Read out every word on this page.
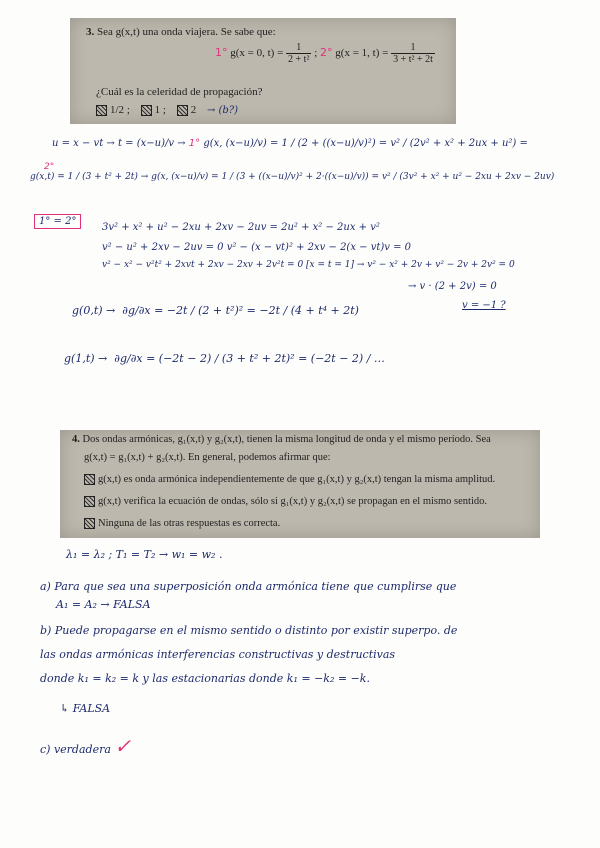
3. Sea g(x,t) una onda viajera. Se sabe que:
1° g(x = 0, $t) = \frac{1}{\text{2 + t²}}$ ; 2° g(x = 1, $t) = \frac{1}{\text{3 + t² + 2t}}$
¿Cuál es la celeridad de propagación?
1/2 ; 1 ; 2 → (b?)
u = x − vt → t = (x−u)/v → 1° g(x, (x−u)/v) = 1 / (2 + ((x−u)/v)²) = v² / (2v² + x² + 2ux + u²) =
2°
g(x,t) = 1 / (3 + t² + 2t) → g(x, (x−u)/v) = 1 / (3 + ((x−u)/v)² + 2·((x−u)/v)) = v² / (3v² + x² + u² − 2xu + 2xv − 2uv)
1° = 2°
3v² + x² + u² − 2xu + 2xv − 2uv = 2u² + x² − 2ux + v²
v² − u² + 2xv − 2uv = 0 v² − (x − vt)² + 2xv − 2(x − vt)v = 0
v² − x² − v²t² + 2xvt + 2xv − 2xv + 2v²t = 0 [x = t = 1] → v² − x² + 2v + v² − 2v + 2v² = 0
→ v · (2 + 2v) = 0
v = −1 ?
g(0,t) → ∂g/∂x = −2t / (2 + t²)² = −2t / (4 + t⁴ + 2t)
g(1,t) → ∂g/∂x = (−2t − 2) / (3 + t² + 2t)² = (−2t − 2) / …
4. Dos ondas armónicas, g₁(x,t) y g₂(x,t), tienen la misma longitud de onda y el mismo período. Sea
g(x,t) = g₁(x,t) + g₂(x,t). En general, podemos afirmar que:
g(x,t) es onda armónica independientemente de que g₁(x,t) y g₂(x,t) tengan la misma amplitud.
g(x,t) verifica la ecuación de ondas, sólo si g₁(x,t) y g₂(x,t) se propagan en el mismo sentido.
Ninguna de las otras respuestas es correcta.
λ₁ = λ₂ ; T₁ = T₂ → w₁ = w₂ .
a) Para que sea una superposición onda armónica tiene que cumplirse que
A₁ = A₂ → FALSA
b) Puede propagarse en el mismo sentido o distinto por existir superpo. de
las ondas armónicas interferencias constructivas y destructivas
donde k₁ = k₂ = k y las estacionarias donde k₁ = −k₂ = −k.
↳ FALSA
c) verdadera ✓
